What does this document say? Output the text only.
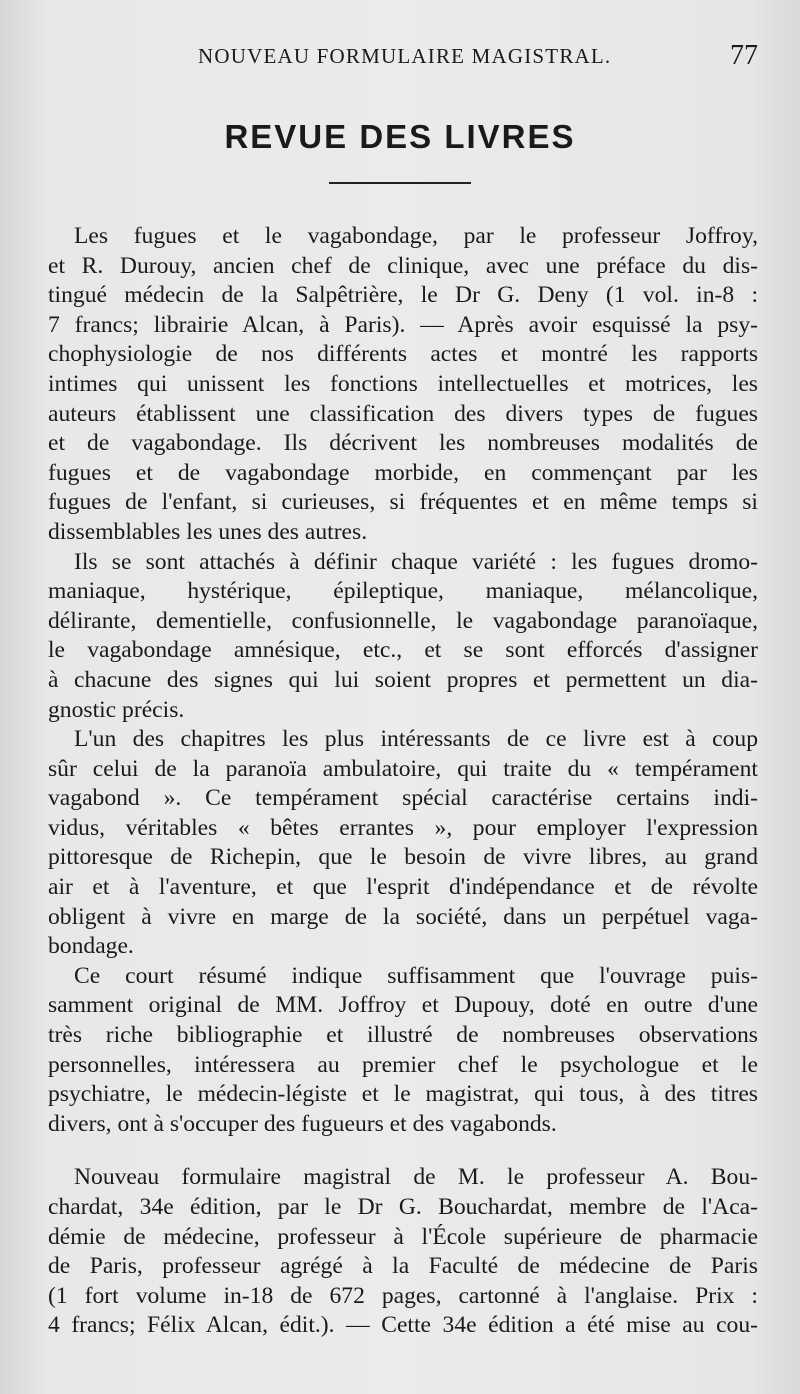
NOUVEAU FORMULAIRE MAGISTRAL.	77
REVUE DES LIVRES
Les fugues et le vagabondage, par le professeur Joffroy,
et R. Durouy, ancien chef de clinique, avec une préface du dis-
tingué médecin de la Salpêtrière, le Dr G. Deny (1 vol. in-8 :
7 francs; librairie Alcan, à Paris). — Après avoir esquissé la psy-
chophysiologie de nos différents actes et montré les rapports
intimes qui unissent les fonctions intellectuelles et motrices, les
auteurs établissent une classification des divers types de fugues
et de vagabondage. Ils décrivent les nombreuses modalités de
fugues et de vagabondage morbide, en commençant par les
fugues de l'enfant, si curieuses, si fréquentes et en même temps si
dissemblables les unes des autres.
Ils se sont attachés à définir chaque variété : les fugues dromo-
maniaque, hystérique, épileptique, maniaque, mélancolique,
délirante, dementielle, confusionnelle, le vagabondage paranoïaque,
le vagabondage amnésique, etc., et se sont efforcés d'assigner
à chacune des signes qui lui soient propres et permettent un dia-
gnostic précis.
L'un des chapitres les plus intéressants de ce livre est à coup
sûr celui de la paranoïa ambulatoire, qui traite du « tempérament
vagabond ». Ce tempérament spécial caractérise certains indi-
vidus, véritables « bêtes errantes », pour employer l'expression
pittoresque de Richepin, que le besoin de vivre libres, au grand
air et à l'aventure, et que l'esprit d'indépendance et de révolte
obligent à vivre en marge de la société, dans un perpétuel vaga-
bondage.
Ce court résumé indique suffisamment que l'ouvrage puis-
samment original de MM. Joffroy et Dupouy, doté en outre d'une
très riche bibliographie et illustré de nombreuses observations
personnelles, intéressera au premier chef le psychologue et le
psychiatre, le médecin-légiste et le magistrat, qui tous, à des titres
divers, ont à s'occuper des fugueurs et des vagabonds.
Nouveau formulaire magistral de M. le professeur A. Bou-
chardat, 34e édition, par le Dr G. Bouchardat, membre de l'Aca-
démie de médecine, professeur à l'École supérieure de pharmacie
de Paris, professeur agrégé à la Faculté de médecine de Paris
(1 fort volume in-18 de 672 pages, cartonné à l'anglaise. Prix :
4 francs; Félix Alcan, édit.). — Cette 34e édition a été mise au cou-
